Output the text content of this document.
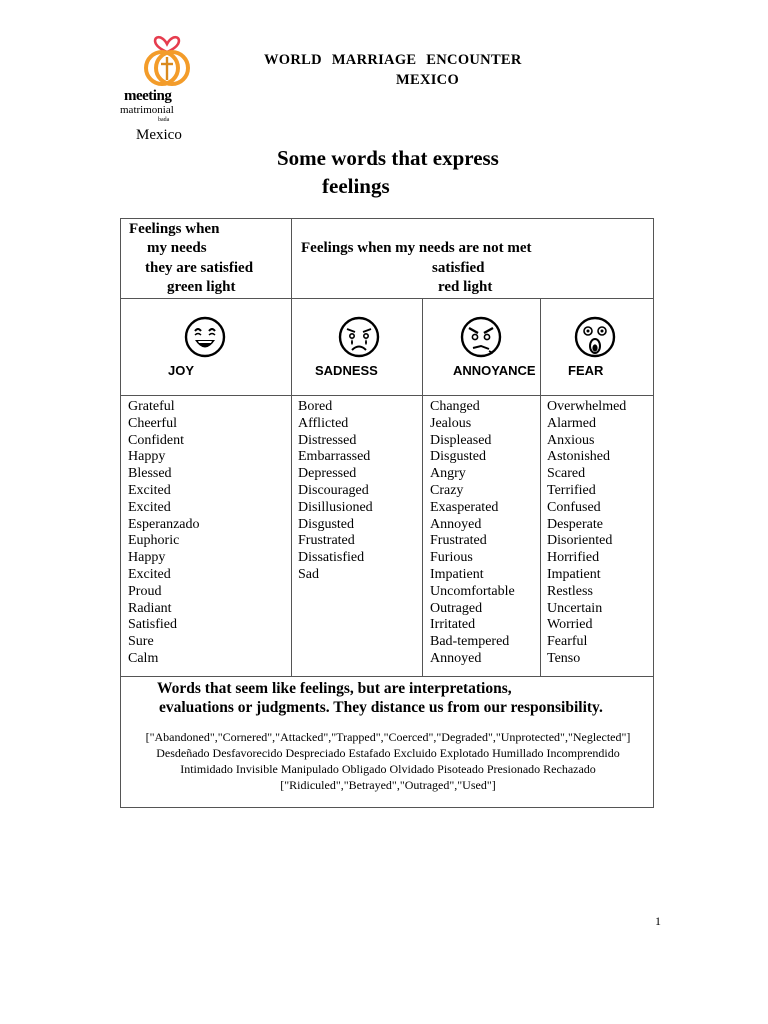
meeting
matrimonial
bada
Mexico
WORLD MARRIAGE ENCOUNTER
MEXICO
Some words that express
feelings
Feelings when
my needs
they are satisfied
green light
Feelings when my needs are not met
satisfied
red light
JOY	SADNESS	ANNOYANCE FEAR
Grateful
Cheerful
Confident
Happy
Blessed
Excited
Excited
Esperanzado
Euphoric
Happy
Excited
Proud
Radiant
Satisfied
Sure
Calm
Bored
Afflicted
Distressed
Embarrassed
Depressed
Discouraged
Disillusioned
Disgusted
Frustrated
Dissatisfied
Sad
Changed
Jealous
Displeased
Disgusted
Angry
Crazy
Exasperated
Annoyed
Frustrated
Furious
Impatient
Uncomfortable
Outraged
Irritated
Bad-tempered
Annoyed
Overwhelmed
Alarmed
Anxious
Astonished
Scared
Terrified
Confused
Desperate
Disoriented
Horrified
Impatient
Restless
Uncertain
Worried
Fearful
Tenso
Words that seem like feelings, but are interpretations,
evaluations or judgments. They distance us from our responsibility.
["Abandoned","Cornered","Attacked","Trapped","Coerced","Degraded","Unprotected","Neglected"]
Desdeñado Desfavorecido Despreciado Estafado Excluido Explotado Humillado Incomprendido
Intimidado Invisible Manipulado Obligado Olvidado Pisoteado Presionado Rechazado
["Ridiculed","Betrayed","Outraged","Used"]
1
